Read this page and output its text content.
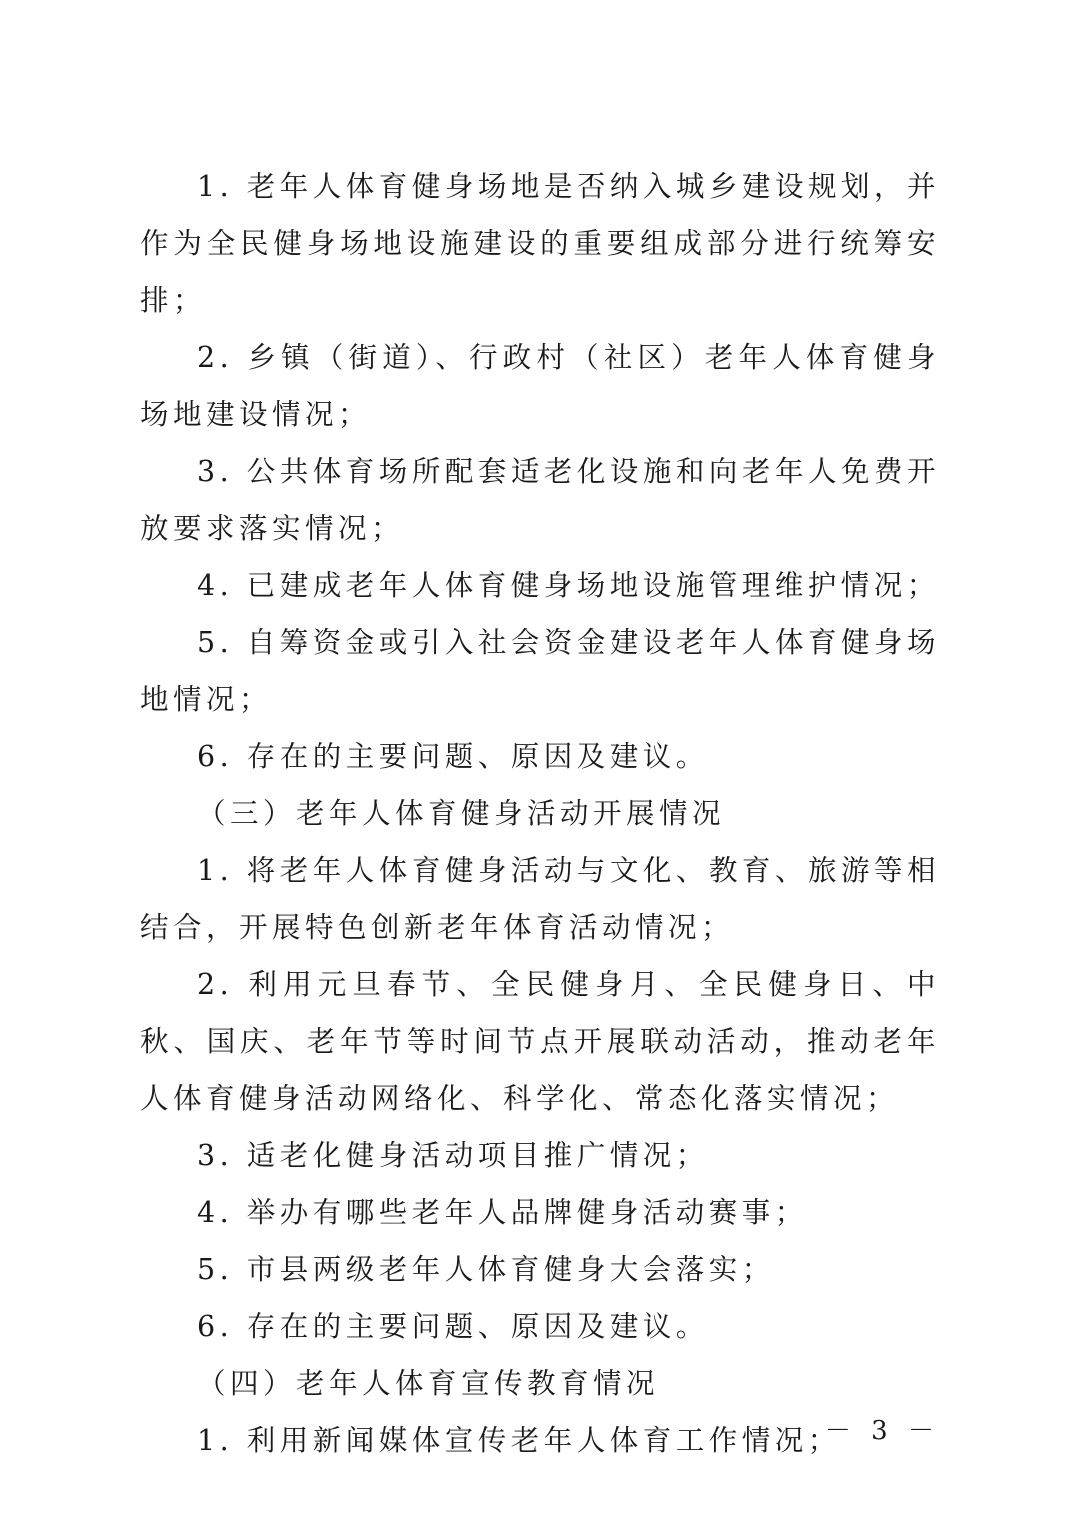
1. 老年人体育健身场地是否纳入城乡建设规划，并作为全民健身场地设施建设的重要组成部分进行统筹安排；

2. 乡镇（街道）、行政村（社区）老年人体育健身场地建设情况；

3. 公共体育场所配套适老化设施和向老年人免费开放要求落实情况；

4. 已建成老年人体育健身场地设施管理维护情况；

5. 自筹资金或引入社会资金建设老年人体育健身场地情况；

6. 存在的主要问题、原因及建议。

（三）老年人体育健身活动开展情况

1. 将老年人体育健身活动与文化、教育、旅游等相结合，开展特色创新老年体育活动情况；

2. 利用元旦春节、全民健身月、全民健身日、中秋、国庆、老年节等时间节点开展联动活动，推动老年人体育健身活动网络化、科学化、常态化落实情况；

3. 适老化健身活动项目推广情况；

4. 举办有哪些老年人品牌健身活动赛事；

5. 市县两级老年人体育健身大会落实；

6. 存在的主要问题、原因及建议。

（四）老年人体育宣传教育情况

1. 利用新闻媒体宣传老年人体育工作情况；

－ 3 －
